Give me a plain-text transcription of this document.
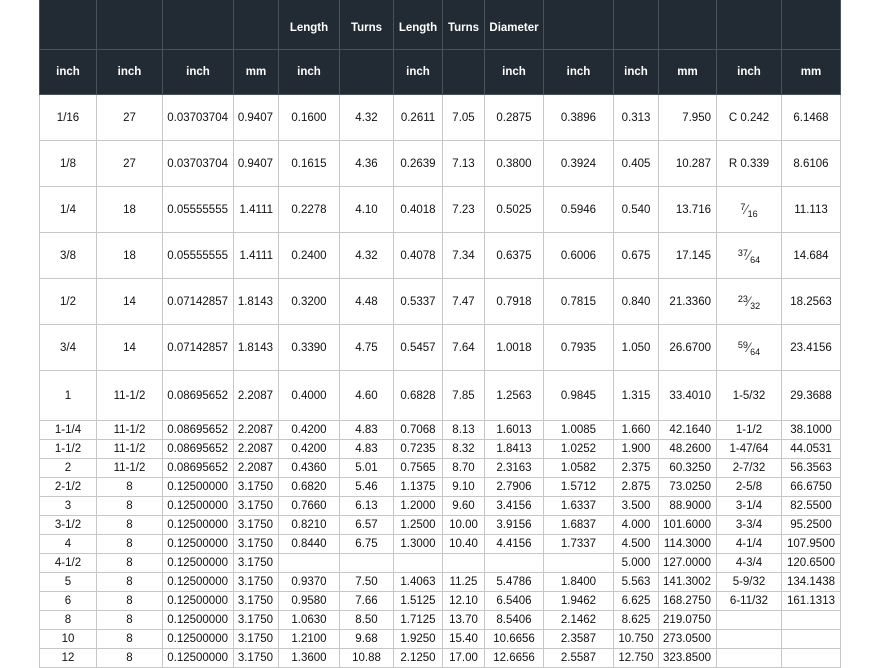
				Length	Turns	Length	Turns	Diameter					
inch	inch	inch	mm	inch		inch		inch	inch	inch	mm	inch	mm
1/16	27	0.03703704	0.9407	0.1600	4.32	0.2611	7.05	0.2875	0.3896	0.313	7.950	C 0.242	6.1468
1/8	27	0.03703704	0.9407	0.1615	4.36	0.2639	7.13	0.3800	0.3924	0.405	10.287	R 0.339	8.6106
1/4	18	0.05555555	1.4111	0.2278	4.10	0.4018	7.23	0.5025	0.5946	0.540	13.716	$^7⁄_{16}$	11.113
3/8	18	0.05555555	1.4111	0.2400	4.32	0.4078	7.34	0.6375	0.6006	0.675	17.145	$^{37}⁄_{64}$	14.684
1/2	14	0.07142857	1.8143	0.3200	4.48	0.5337	7.47	0.7918	0.7815	0.840	21.3360	$^{23}⁄_{32}$	18.2563
3/4	14	0.07142857	1.8143	0.3390	4.75	0.5457	7.64	1.0018	0.7935	1.050	26.6700	$^{59}⁄_{64}$	23.4156
1	11-1/2	0.08695652	2.2087	0.4000	4.60	0.6828	7.85	1.2563	0.9845	1.315	33.4010	1-5/32	29.3688
1-1/4	11-1/2	0.08695652	2.2087	0.4200	4.83	0.7068	8.13	1.6013	1.0085	1.660	42.1640	1-1/2	38.1000
1-1/2	11-1/2	0.08695652	2.2087	0.4200	4.83	0.7235	8.32	1.8413	1.0252	1.900	48.2600	1-47/64	44.0531
2	11-1/2	0.08695652	2.2087	0.4360	5.01	0.7565	8.70	2.3163	1.0582	2.375	60.3250	2-7/32	56.3563
2-1/2	8	0.12500000	3.1750	0.6820	5.46	1.1375	9.10	2.7906	1.5712	2.875	73.0250	2-5/8	66.6750
3	8	0.12500000	3.1750	0.7660	6.13	1.2000	9.60	3.4156	1.6337	3.500	88.9000	3-1/4	82.5500
3-1/2	8	0.12500000	3.1750	0.8210	6.57	1.2500	10.00	3.9156	1.6837	4.000	101.6000	3-3/4	95.2500
4	8	0.12500000	3.1750	0.8440	6.75	1.3000	10.40	4.4156	1.7337	4.500	114.3000	4-1/4	107.9500
4-1/2	8	0.12500000	3.1750							5.000	127.0000	4-3/4	120.6500
5	8	0.12500000	3.1750	0.9370	7.50	1.4063	11.25	5.4786	1.8400	5.563	141.3002	5-9/32	134.1438
6	8	0.12500000	3.1750	0.9580	7.66	1.5125	12.10	6.5406	1.9462	6.625	168.2750	6-11/32	161.1313
8	8	0.12500000	3.1750	1.0630	8.50	1.7125	13.70	8.5406	2.1462	8.625	219.0750		
10	8	0.12500000	3.1750	1.2100	9.68	1.9250	15.40	10.6656	2.3587	10.750	273.0500		
12	8	0.12500000	3.1750	1.3600	10.88	2.1250	17.00	12.6656	2.5587	12.750	323.8500		
